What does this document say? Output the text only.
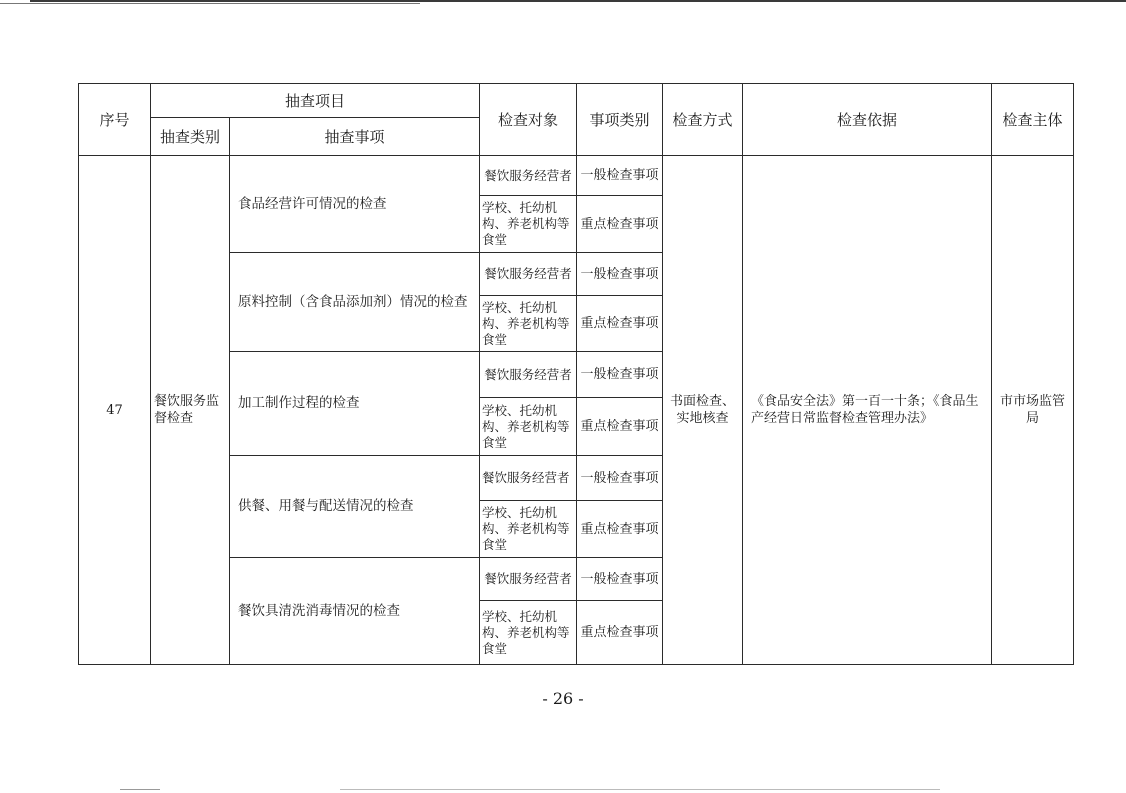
序号	抽查项目		检查对象	事项类别	检查方式	检查依据	检查主体
	抽查类别	抽查事项					
47	餐饮服务监督检查	食品经营许可情况的检查	餐饮服务经营者	一般检查事项	书面检查、实地核查	《食品安全法》第一百一十条；《食品生产经营日常监督检查管理办法》	市市场监管局
			学校、托幼机构、养老机构等食堂	重点检查事项			
		原料控制（含食品添加剂）情况的检查	餐饮服务经营者	一般检查事项			
			学校、托幼机构、养老机构等食堂	重点检查事项			
		加工制作过程的检查	餐饮服务经营者	一般检查事项			
			学校、托幼机构、养老机构等食堂	重点检查事项			
		供餐、用餐与配送情况的检查	餐饮服务经营者	一般检查事项			
			学校、托幼机构、养老机构等食堂	重点检查事项			
		餐饮具清洗消毒情况的检查	餐饮服务经营者	一般检查事项			
			学校、托幼机构、养老机构等食堂	重点检查事项			
- 26 -
